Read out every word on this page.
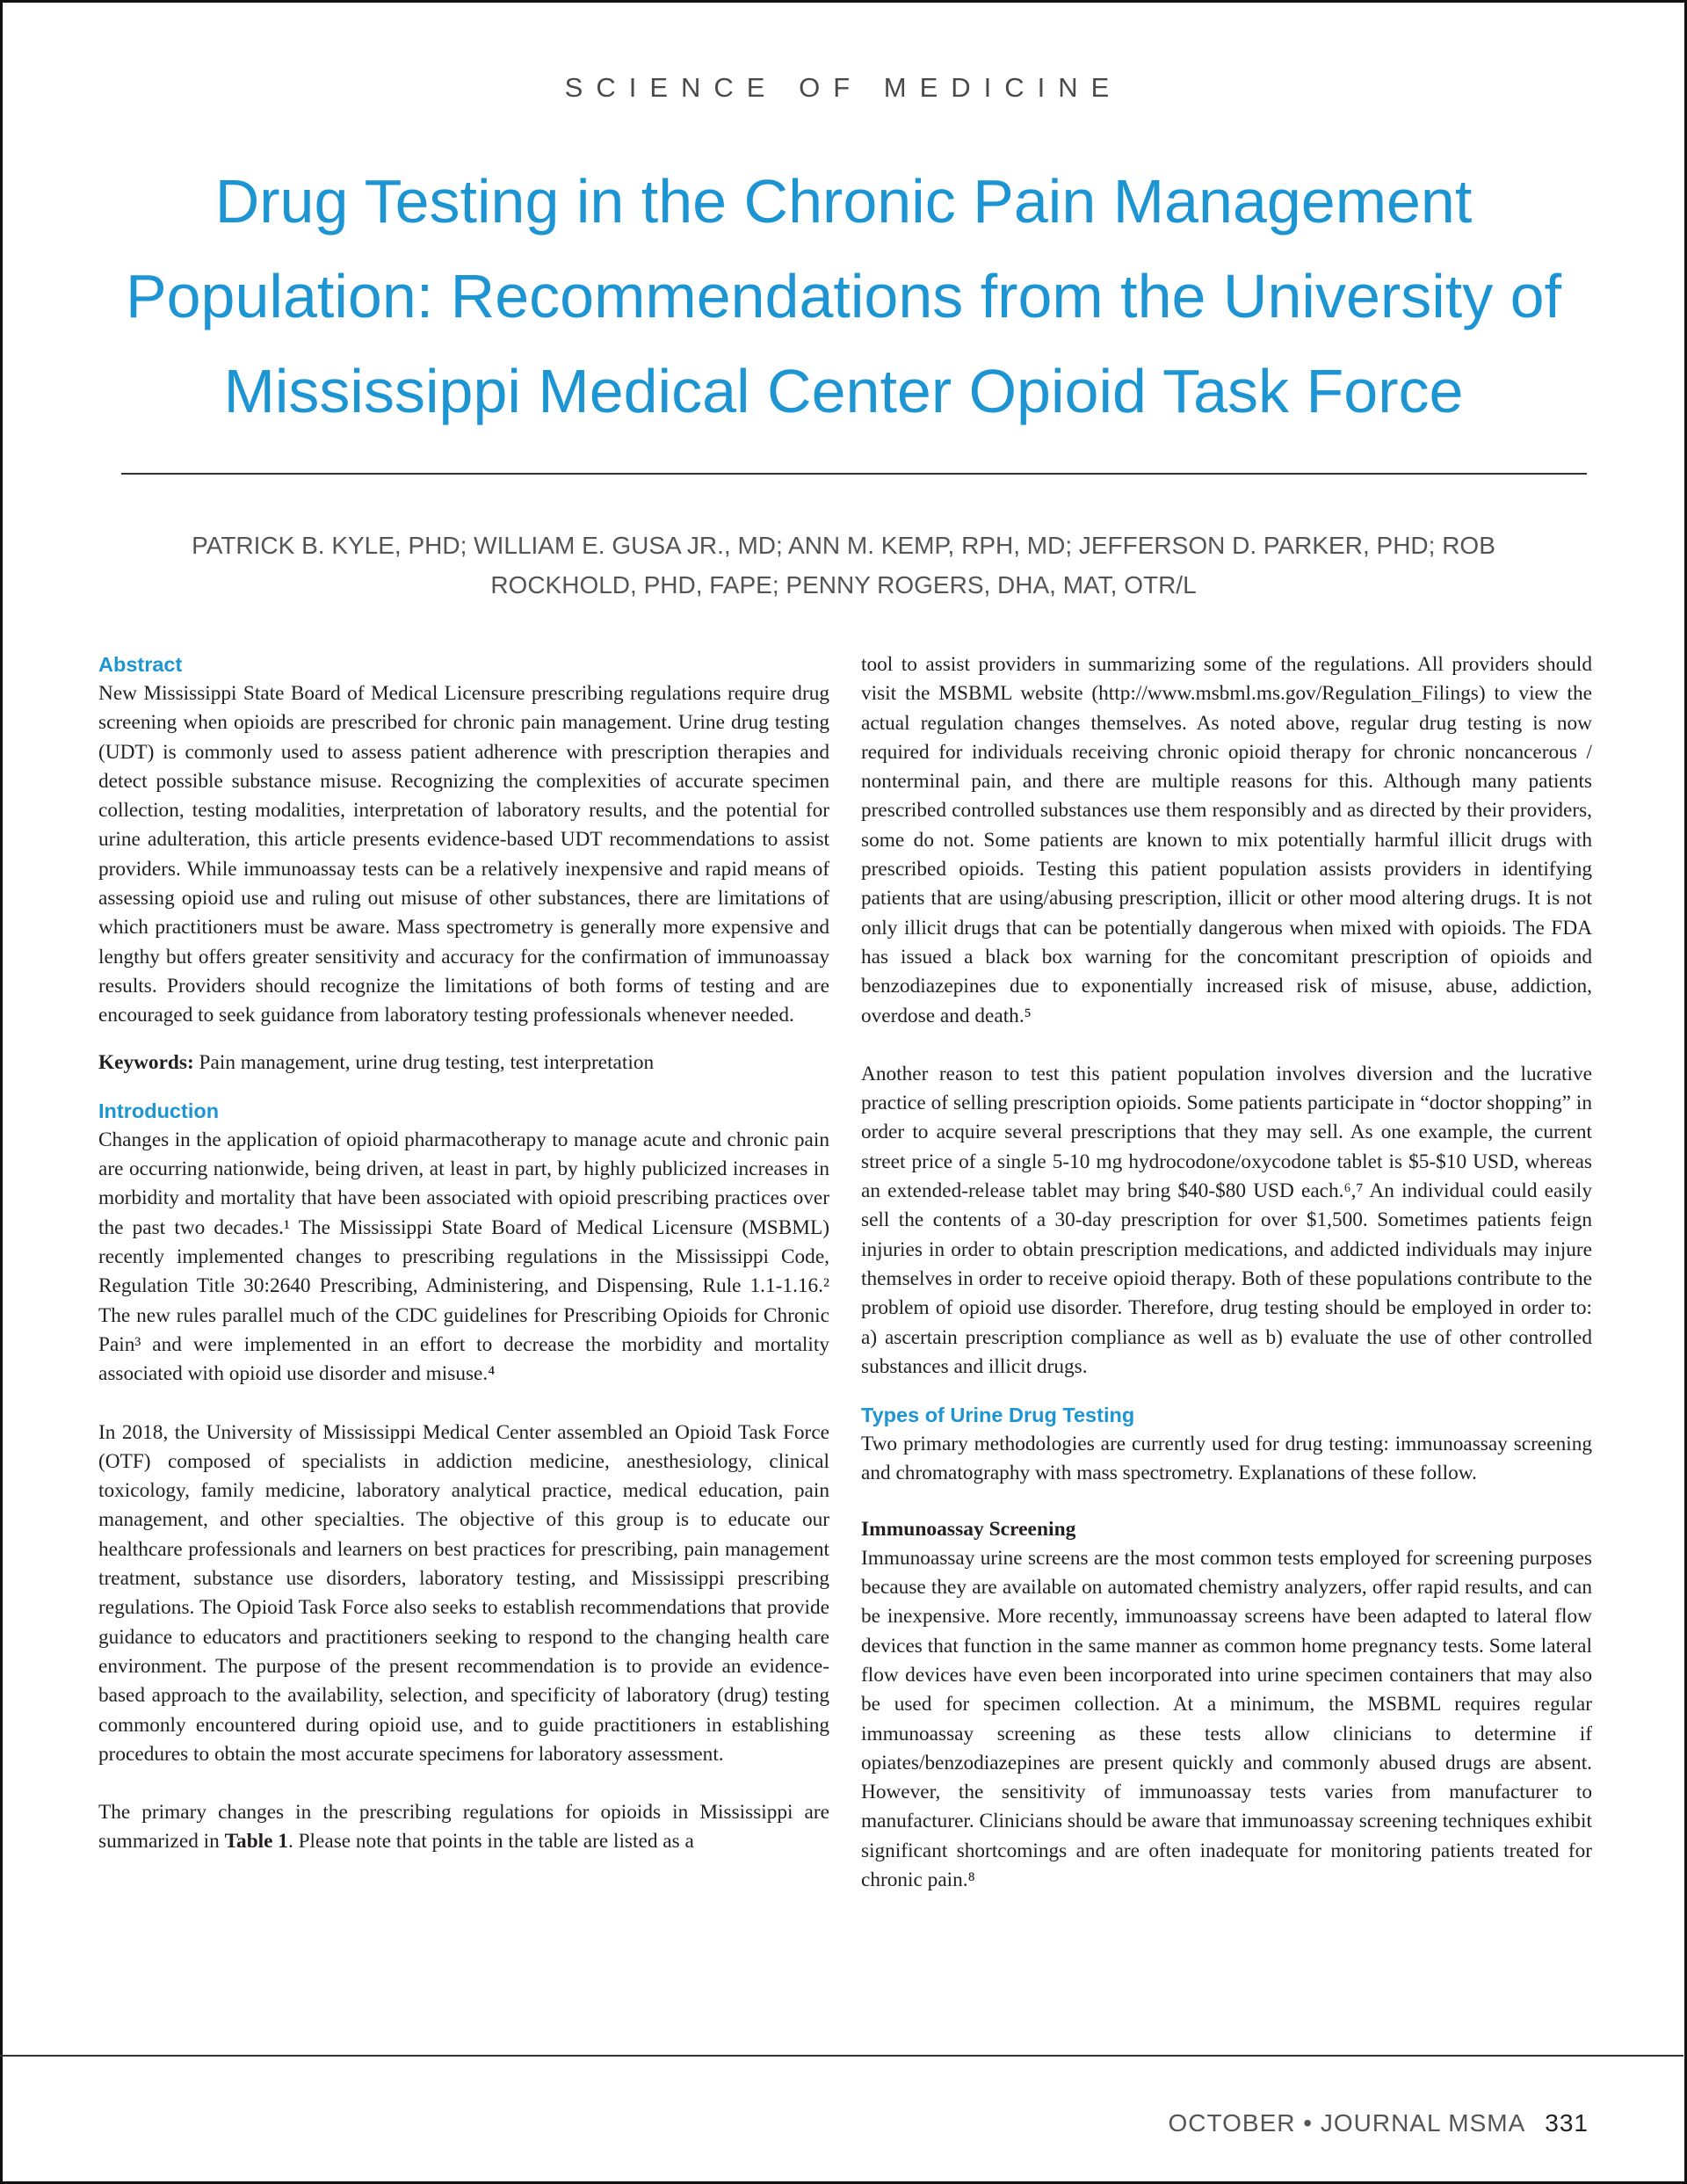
SCIENCE OF MEDICINE
Drug Testing in the Chronic Pain Management Population: Recommendations from the University of Mississippi Medical Center Opioid Task Force
PATRICK B. KYLE, PHD; WILLIAM E. GUSA JR., MD; ANN M. KEMP, RPH, MD; JEFFERSON D. PARKER, PHD; ROB ROCKHOLD, PHD, FAPE; PENNY ROGERS, DHA, MAT, OTR/L
Abstract

New Mississippi State Board of Medical Licensure prescribing regulations require drug screening when opioids are prescribed for chronic pain management. Urine drug testing (UDT) is commonly used to assess patient adherence with prescription therapies and detect possible substance misuse. Recognizing the complexities of accurate specimen collection, testing modalities, interpretation of laboratory results, and the potential for urine adulteration, this article presents evidence-based UDT recommendations to assist providers. While immunoassay tests can be a relatively inexpensive and rapid means of assessing opioid use and ruling out misuse of other substances, there are limitations of which practitioners must be aware. Mass spectrometry is generally more expensive and lengthy but offers greater sensitivity and accuracy for the confirmation of immunoassay results. Providers should recognize the limitations of both forms of testing and are encouraged to seek guidance from laboratory testing professionals whenever needed.

Keywords: Pain management, urine drug testing, test interpretation

Introduction

Changes in the application of opioid pharmacotherapy to manage acute and chronic pain are occurring nationwide, being driven, at least in part, by highly publicized increases in morbidity and mortality that have been associated with opioid prescribing practices over the past two decades.¹ The Mississippi State Board of Medical Licensure (MSBML) recently implemented changes to prescribing regulations in the Mississippi Code, Regulation Title 30:2640 Prescribing, Administering, and Dispensing, Rule 1.1-1.16.² The new rules parallel much of the CDC guidelines for Prescribing Opioids for Chronic Pain³ and were implemented in an effort to decrease the morbidity and mortality associated with opioid use disorder and misuse.⁴

In 2018, the University of Mississippi Medical Center assembled an Opioid Task Force (OTF) composed of specialists in addiction medicine, anesthesiology, clinical toxicology, family medicine, laboratory analytical practice, medical education, pain management, and other specialties. The objective of this group is to educate our healthcare professionals and learners on best practices for prescribing, pain management treatment, substance use disorders, laboratory testing, and Mississippi prescribing regulations. The Opioid Task Force also seeks to establish recommendations that provide guidance to educators and practitioners seeking to respond to the changing health care environment. The purpose of the present recommendation is to provide an evidence-based approach to the availability, selection, and specificity of laboratory (drug) testing commonly encountered during opioid use, and to guide practitioners in establishing procedures to obtain the most accurate specimens for laboratory assessment.

The primary changes in the prescribing regulations for opioids in Mississippi are summarized in Table 1. Please note that points in the table are listed as a

tool to assist providers in summarizing some of the regulations. All providers should visit the MSBML website (http://www.msbml.ms.gov/Regulation_Filings) to view the actual regulation changes themselves. As noted above, regular drug testing is now required for individuals receiving chronic opioid therapy for chronic noncancerous / nonterminal pain, and there are multiple reasons for this. Although many patients prescribed controlled substances use them responsibly and as directed by their providers, some do not. Some patients are known to mix potentially harmful illicit drugs with prescribed opioids. Testing this patient population assists providers in identifying patients that are using/abusing prescription, illicit or other mood altering drugs. It is not only illicit drugs that can be potentially dangerous when mixed with opioids. The FDA has issued a black box warning for the concomitant prescription of opioids and benzodiazepines due to exponentially increased risk of misuse, abuse, addiction, overdose and death.⁵

Another reason to test this patient population involves diversion and the lucrative practice of selling prescription opioids. Some patients participate in “doctor shopping” in order to acquire several prescriptions that they may sell. As one example, the current street price of a single 5-10 mg hydrocodone/oxycodone tablet is $5-$10 USD, whereas an extended-release tablet may bring $40-$80 USD each.⁶,⁷ An individual could easily sell the contents of a 30-day prescription for over $1,500. Sometimes patients feign injuries in order to obtain prescription medications, and addicted individuals may injure themselves in order to receive opioid therapy. Both of these populations contribute to the problem of opioid use disorder. Therefore, drug testing should be employed in order to: a) ascertain prescription compliance as well as b) evaluate the use of other controlled substances and illicit drugs.

Types of Urine Drug Testing

Two primary methodologies are currently used for drug testing: immunoassay screening and chromatography with mass spectrometry. Explanations of these follow.

Immunoassay Screening

Immunoassay urine screens are the most common tests employed for screening purposes because they are available on automated chemistry analyzers, offer rapid results, and can be inexpensive. More recently, immunoassay screens have been adapted to lateral flow devices that function in the same manner as common home pregnancy tests. Some lateral flow devices have even been incorporated into urine specimen containers that may also be used for specimen collection. At a minimum, the MSBML requires regular immunoassay screening as these tests allow clinicians to determine if opiates/benzodiazepines are present quickly and commonly abused drugs are absent. However, the sensitivity of immunoassay tests varies from manufacturer to manufacturer. Clinicians should be aware that immunoassay screening techniques exhibit significant shortcomings and are often inadequate for monitoring patients treated for chronic pain.⁸

OCTOBER • JOURNAL MSMA 331
